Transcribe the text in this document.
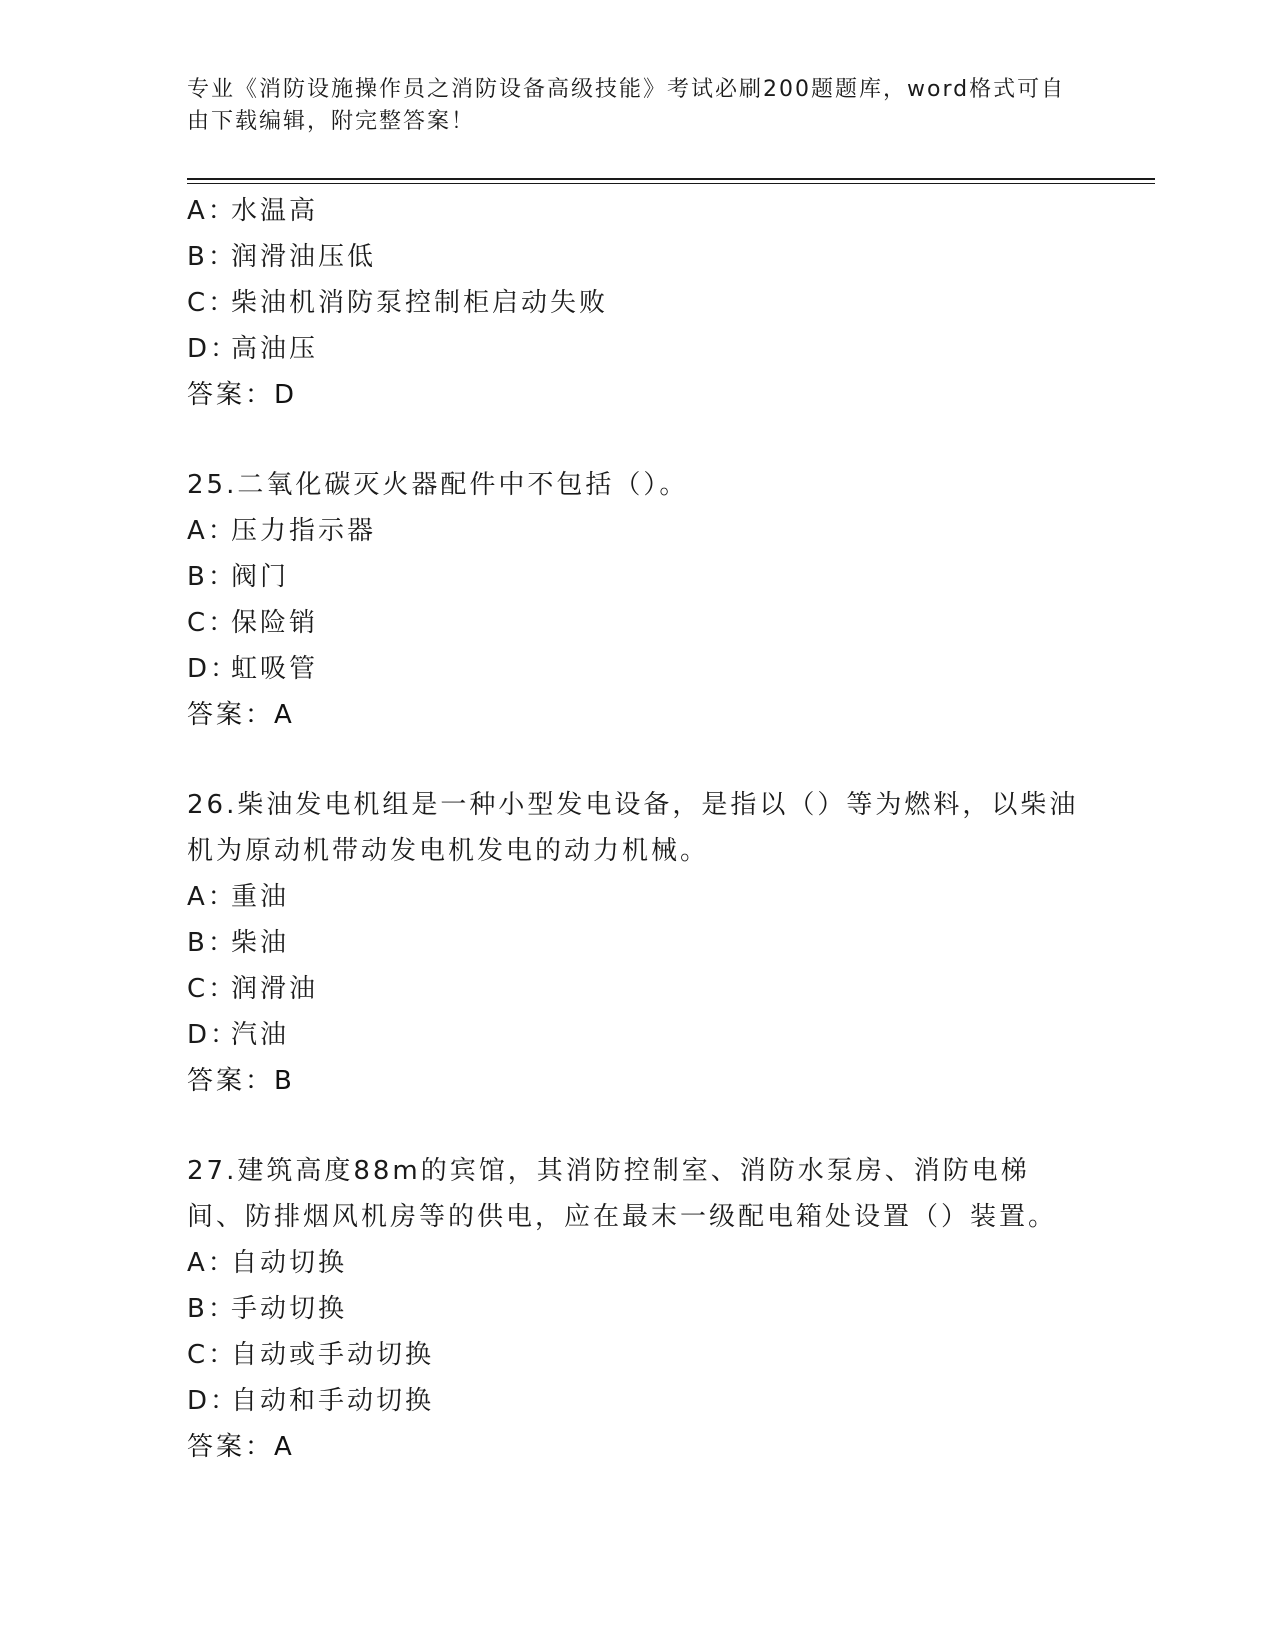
专业《消防设施操作员之消防设备高级技能》考试必刷200题题库，word格式可自由下载编辑，附完整答案！
A：水温高
B：润滑油压低
C：柴油机消防泵控制柜启动失败
D：高油压
答案：D
25.二氧化碳灭火器配件中不包括（）。
A：压力指示器
B：阀门
C：保险销
D：虹吸管
答案：A
26.柴油发电机组是一种小型发电设备，是指以（）等为燃料，以柴油机为原动机带动发电机发电的动力机械。
A：重油
B：柴油
C：润滑油
D：汽油
答案：B
27.建筑高度88m的宾馆，其消防控制室、消防水泵房、消防电梯间、防排烟风机房等的供电，应在最末一级配电箱处设置（）装置。
A：自动切换
B：手动切换
C：自动或手动切换
D：自动和手动切换
答案：A
